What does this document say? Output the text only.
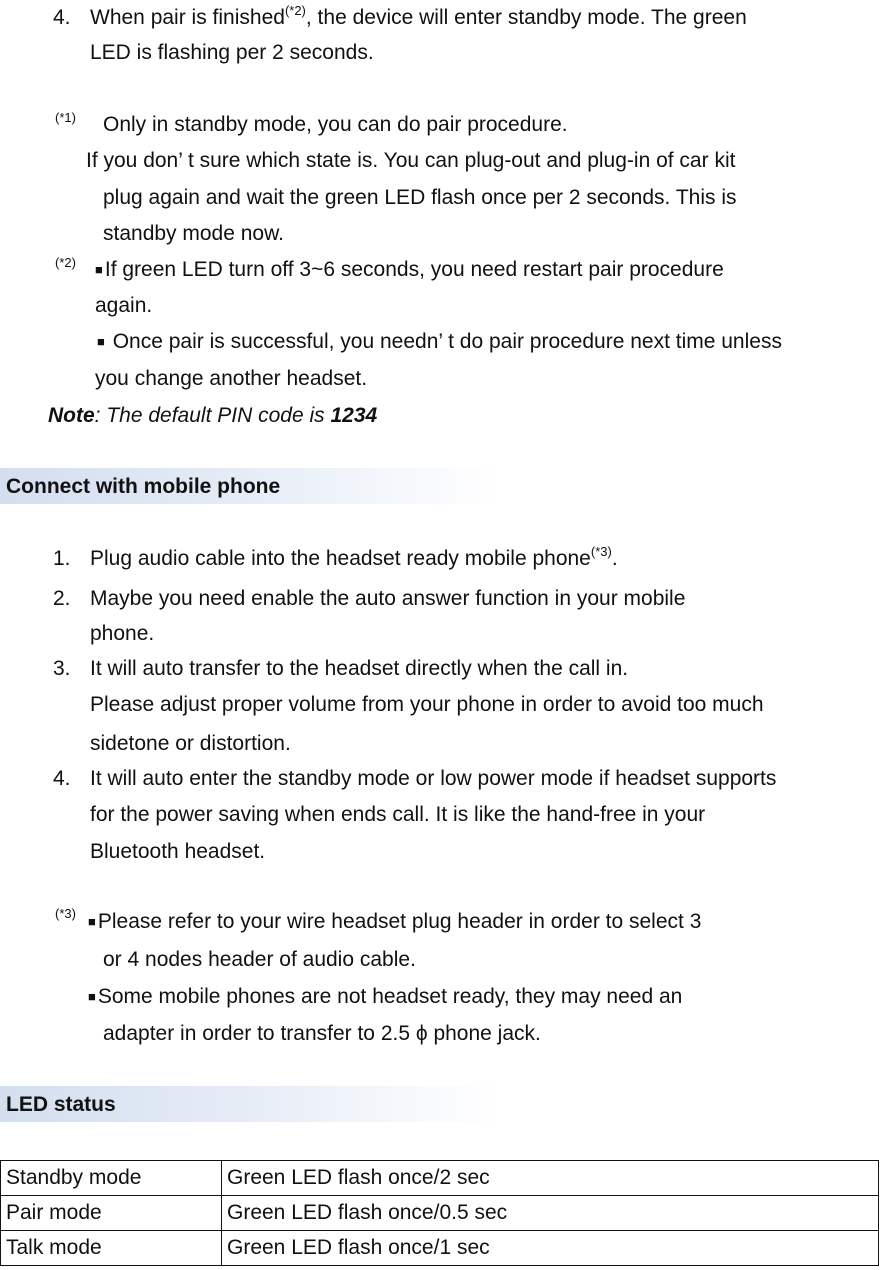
4. When pair is finished$^{(*2)}$, the device will enter standby mode. The green
LED is flashing per 2 seconds.
(*1) Only in standby mode, you can do pair procedure.
If you don’ t sure which state is. You can plug-out and plug-in of car kit
plug again and wait the green LED flash once per 2 seconds. This is
standby mode now.
(*2) ■If green LED turn off 3~6 seconds, you need restart pair procedure
again.
■ Once pair is successful, you needn’ t do pair procedure next time unless
you change another headset.
Note: The default PIN code is 1234
Connect with mobile phone
1. Plug audio cable into the headset ready mobile phone$^{(*3)}$.
2. Maybe you need enable the auto answer function in your mobile
phone.
3. It will auto transfer to the headset directly when the call in.
Please adjust proper volume from your phone in order to avoid too much
sidetone or distortion.
4. It will auto enter the standby mode or low power mode if headset supports
for the power saving when ends call. It is like the hand-free in your
Bluetooth headset.
(*3)
■Please refer to your wire headset plug header in order to select 3
or 4 nodes header of audio cable.
■Some mobile phones are not headset ready, they may need an
adapter in order to transfer to 2.5 ϕ phone jack.
LED status
Standby mode	Green LED flash once/2 sec
Pair mode	Green LED flash once/0.5 sec
Talk mode	Green LED flash once/1 sec
